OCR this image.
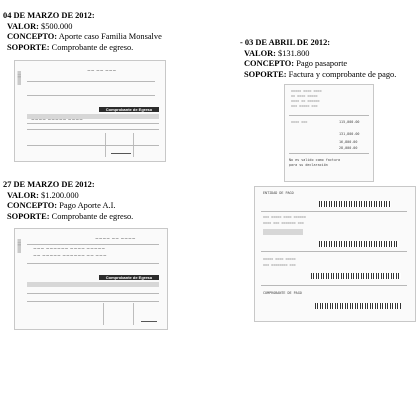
04 DE MARZO DE 2012:
VALOR: $500.000
CONCEPTO: Aporte caso Familia Monsalve
SOPORTE: Comprobante de egreso.
- 03 DE ABRIL DE 2012:
VALOR: $131.800
CONCEPTO: Pago pasaporte
SOPORTE: Factura y comprobante de pago.
27 DE MARZO DE 2012:
VALOR: $1.200.000
CONCEPTO: Pago Aporte A.I.
SOPORTE: Comprobante de egreso.
|||||||||||||||	~~ ~~ ~~~
Comprobante de Egreso
~~~~ ~~~~~ ~~~~
===== ==== ====
== ==== =====
==== == ======
=== ===== ===
==== ===	115,000.00
131,800.00
16,800.00
28,000.00
No es valido como factura
para su declaración
|||||||||||||||	~~~~ ~~ ~~~~
~~~ ~~~~~~ ~~~~ ~~~~~
~~ ~~~~~ ~~~~~~ ~~ ~~~
Comprobante de Egreso
ENTIDAD DE PAGO
=== ===== ==== ======
==== === ======= ===
===== ==== =====
=== ======== ===
COMPROBANTE DE PAGO
